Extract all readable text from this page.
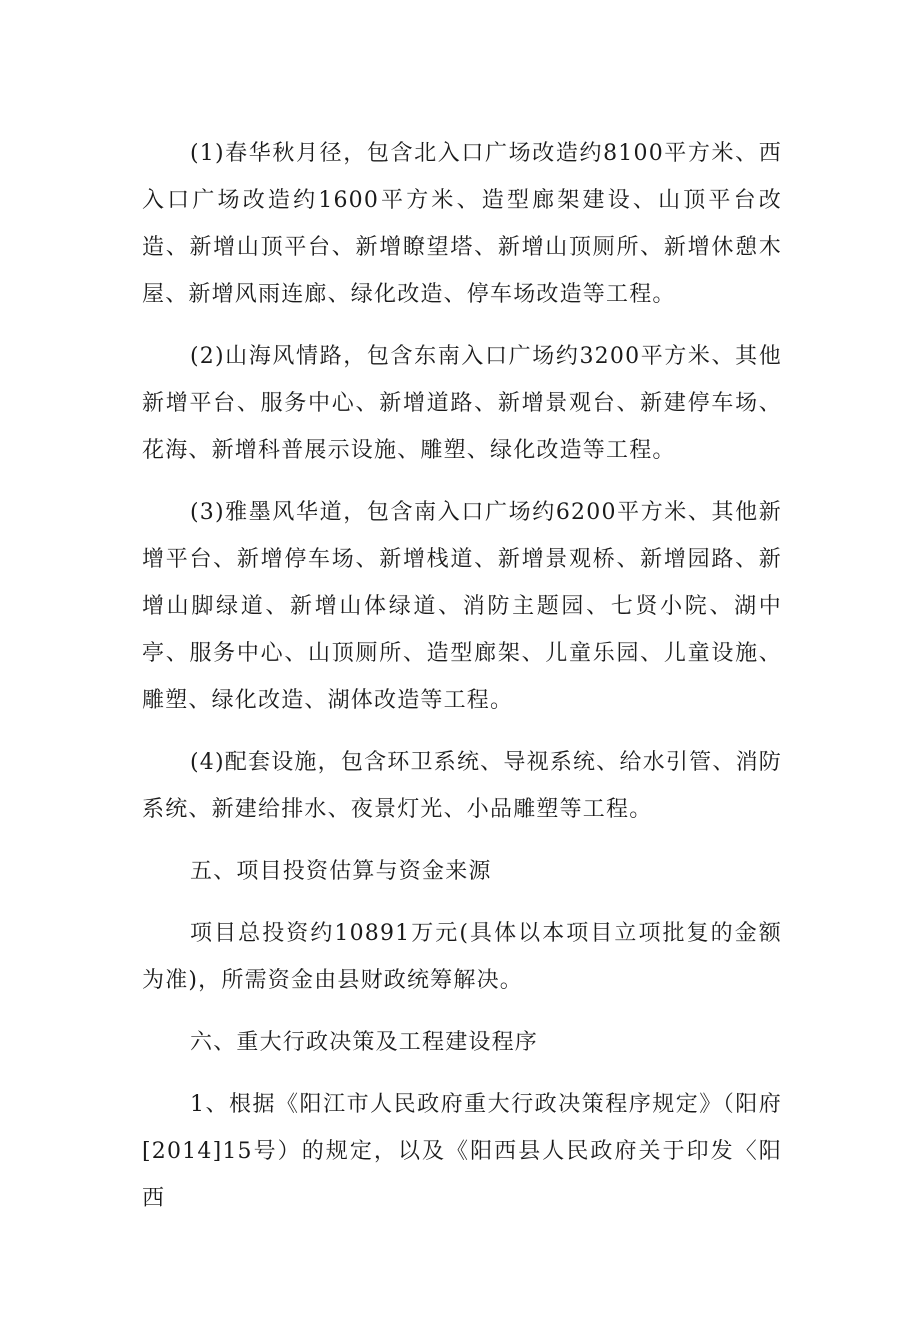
(1)春华秋月径，包含北入口广场改造约8100平方米、西入口广场改造约1600平方米、造型廊架建设、山顶平台改造、新增山顶平台、新增瞭望塔、新增山顶厕所、新增休憩木屋、新增风雨连廊、绿化改造、停车场改造等工程。

(2)山海风情路，包含东南入口广场约3200平方米、其他新增平台、服务中心、新增道路、新增景观台、新建停车场、花海、新增科普展示设施、雕塑、绿化改造等工程。

(3)雅墨风华道，包含南入口广场约6200平方米、其他新增平台、新增停车场、新增栈道、新增景观桥、新增园路、新增山脚绿道、新增山体绿道、消防主题园、七贤小院、湖中亭、服务中心、山顶厕所、造型廊架、儿童乐园、儿童设施、雕塑、绿化改造、湖体改造等工程。

(4)配套设施，包含环卫系统、导视系统、给水引管、消防系统、新建给排水、夜景灯光、小品雕塑等工程。

五、项目投资估算与资金来源

项目总投资约10891万元(具体以本项目立项批复的金额为准)，所需资金由县财政统筹解决。

六、重大行政决策及工程建设程序

1、根据《阳江市人民政府重大行政决策程序规定》（阳府[2014]15号）的规定，以及《阳西县人民政府关于印发〈阳西
